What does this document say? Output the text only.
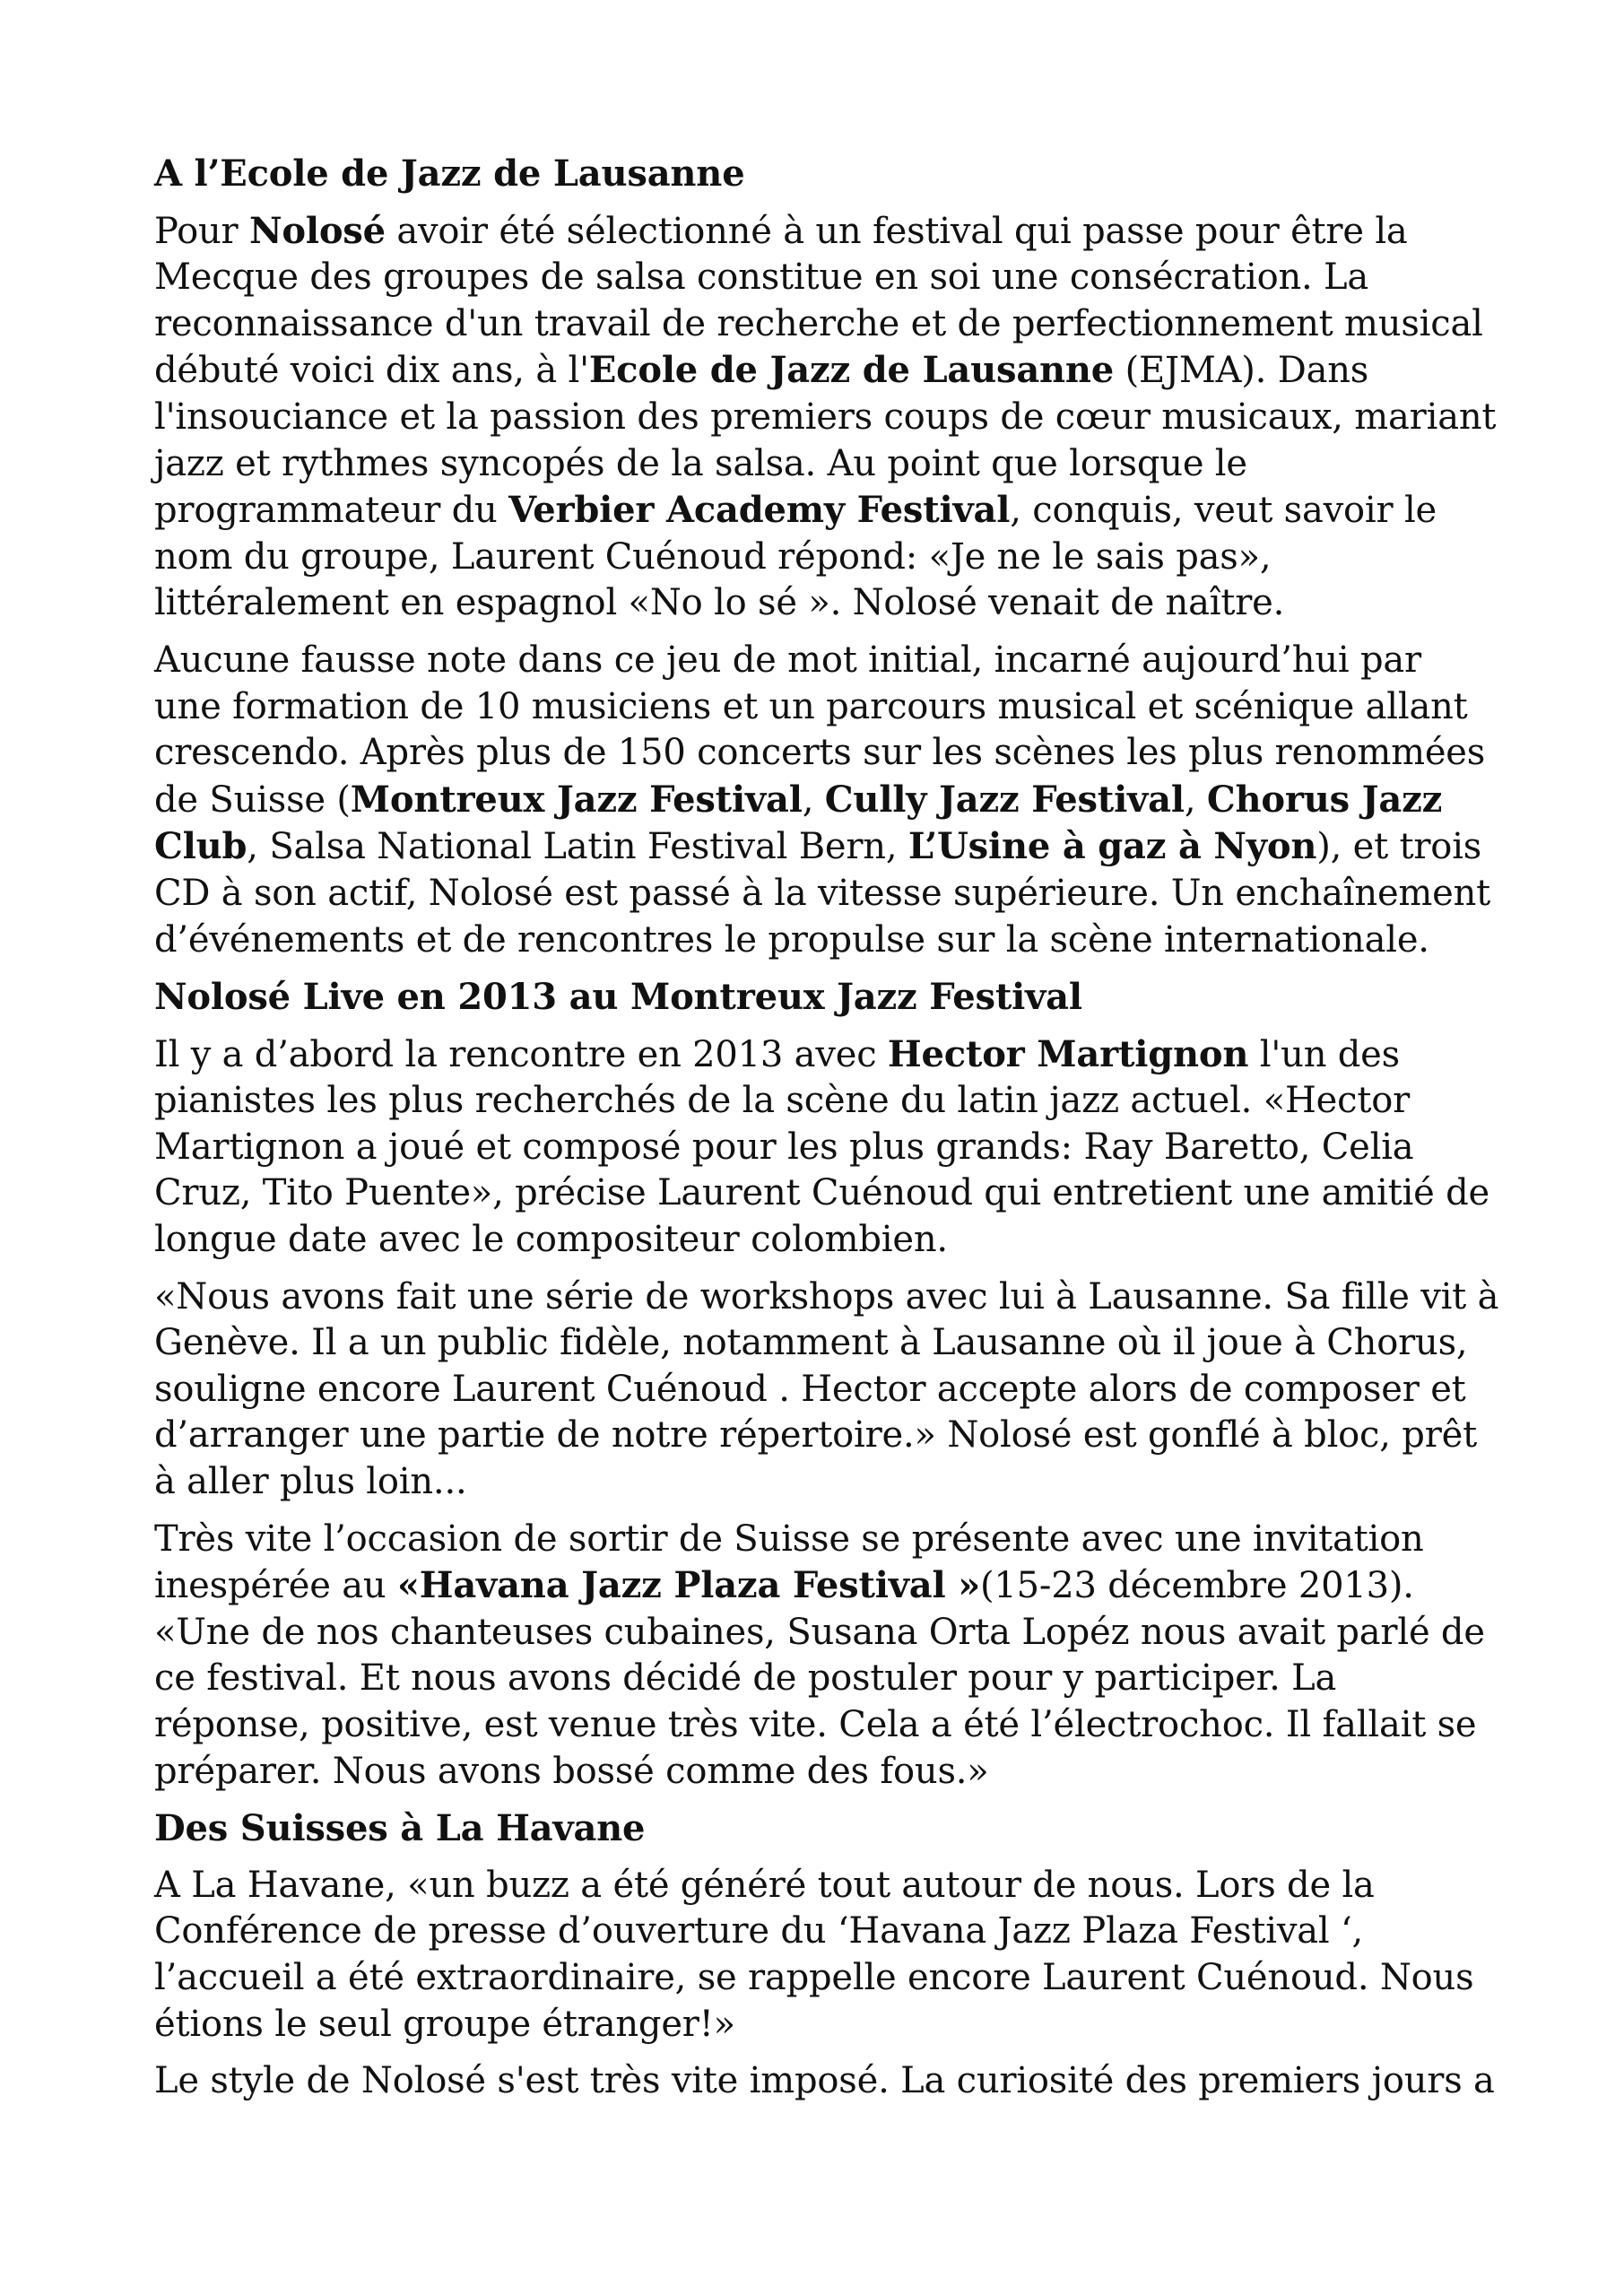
A l’Ecole de Jazz de Lausanne

Pour Nolosé avoir été sélectionné à un festival qui passe pour être la Mecque des groupes de salsa constitue en soi une consécration. La reconnaissance d'un travail de recherche et de perfectionnement musical débuté voici dix ans, à l'Ecole de Jazz de Lausanne (EJMA). Dans l'insouciance et la passion des premiers coups de cœur musicaux, mariant jazz et rythmes syncopés de la salsa. Au point que lorsque le programmateur du Verbier Academy Festival, conquis, veut savoir le nom du groupe, Laurent Cuénoud répond: «Je ne le sais pas», littéralement en espagnol «No lo sé ». Nolosé venait de naître.

Aucune fausse note dans ce jeu de mot initial, incarné aujourd’hui par une formation de 10 musiciens et un parcours musical et scénique allant crescendo. Après plus de 150 concerts sur les scènes les plus renommées de Suisse (Montreux Jazz Festival, Cully Jazz Festival, Chorus Jazz Club, Salsa National Latin Festival Bern, L’Usine à gaz à Nyon), et trois CD à son actif, Nolosé est passé à la vitesse supérieure. Un enchaînement d’événements et de rencontres le propulse sur la scène internationale.

Nolosé Live en 2013 au Montreux Jazz Festival

Il y a d’abord la rencontre en 2013 avec Hector Martignon l'un des pianistes les plus recherchés de la scène du latin jazz actuel. «Hector Martignon a joué et composé pour les plus grands: Ray Baretto, Celia Cruz, Tito Puente», précise Laurent Cuénoud qui entretient une amitié de longue date avec le compositeur colombien.

«Nous avons fait une série de workshops avec lui à Lausanne. Sa fille vit à Genève. Il a un public fidèle, notamment à Lausanne où il joue à Chorus, souligne encore Laurent Cuénoud . Hector accepte alors de composer et d’arranger une partie de notre répertoire.» Nolosé est gonflé à bloc, prêt à aller plus loin...

Très vite l’occasion de sortir de Suisse se présente avec une invitation inespérée au «Havana Jazz Plaza Festival »(15-23 décembre 2013). «Une de nos chanteuses cubaines, Susana Orta Lopéz nous avait parlé de ce festival. Et nous avons décidé de postuler pour y participer. La réponse, positive, est venue très vite. Cela a été l’électrochoc. Il fallait se préparer. Nous avons bossé comme des fous.»

Des Suisses à La Havane

A La Havane, «un buzz a été généré tout autour de nous. Lors de la Conférence de presse d’ouverture du ‘Havana Jazz Plaza Festival ‘, l’accueil a été extraordinaire, se rappelle encore Laurent Cuénoud. Nous étions le seul groupe étranger!»

Le style de Nolosé s'est très vite imposé. La curiosité des premiers jours a
